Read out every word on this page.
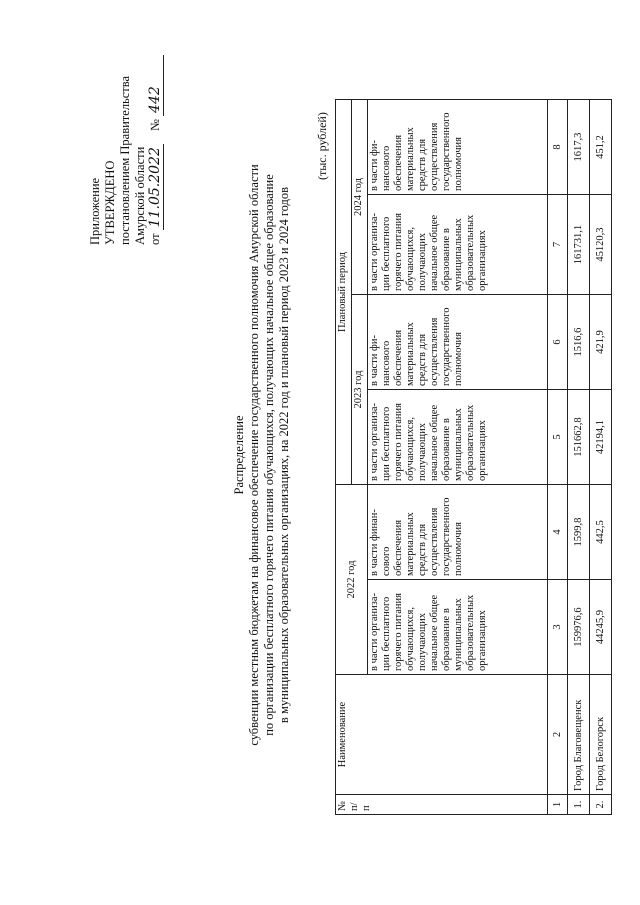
Приложение УТВЕРЖДЕНО постановлением Правительства Амурской области от 11.05.2022 № 442
Распределение субвенции местным бюджетам на финансовое обеспечение государственного полномочия Амурской области по организации бесплатного горячего питания обучающихся, получающих начальное общее образование в муниципальных образовательных организациях, на 2022 год и плановый период 2023 и 2024 годов
(тыс. рублей)
№ п/ п	Наименование	2022 год		Плановый период			
				2023 год		2024 год	
		в части организа-ции бесплатного горячего питания обучающихся, получающих начальное общее образование в муниципальных образовательных организациях	в части финан-сового обеспечения материальных средств для осуществления государственного полномочия	в части организа-ции бесплатного горячего питания обучающихся, получающих начальное общее образование в муниципальных образовательных организациях	в части фи-нансового обеспечения материальных средств для осуществления государственного полномочия	в части организа-ции бесплатного горячего питания обучающихся, получающих начальное общее образование в муниципальных образовательных организациях	в части фи-нансового обеспечения материальных средств для осуществления государственного полномочия
1	2	3	4	5	6	7	8
1.	Город Благовещенск	159976,6	1599,8	151662,8	1516,6	161731,1	1617,3
2.	Город Белогорск	44245,9	442,5	42194,1	421,9	45120,3	451,2
